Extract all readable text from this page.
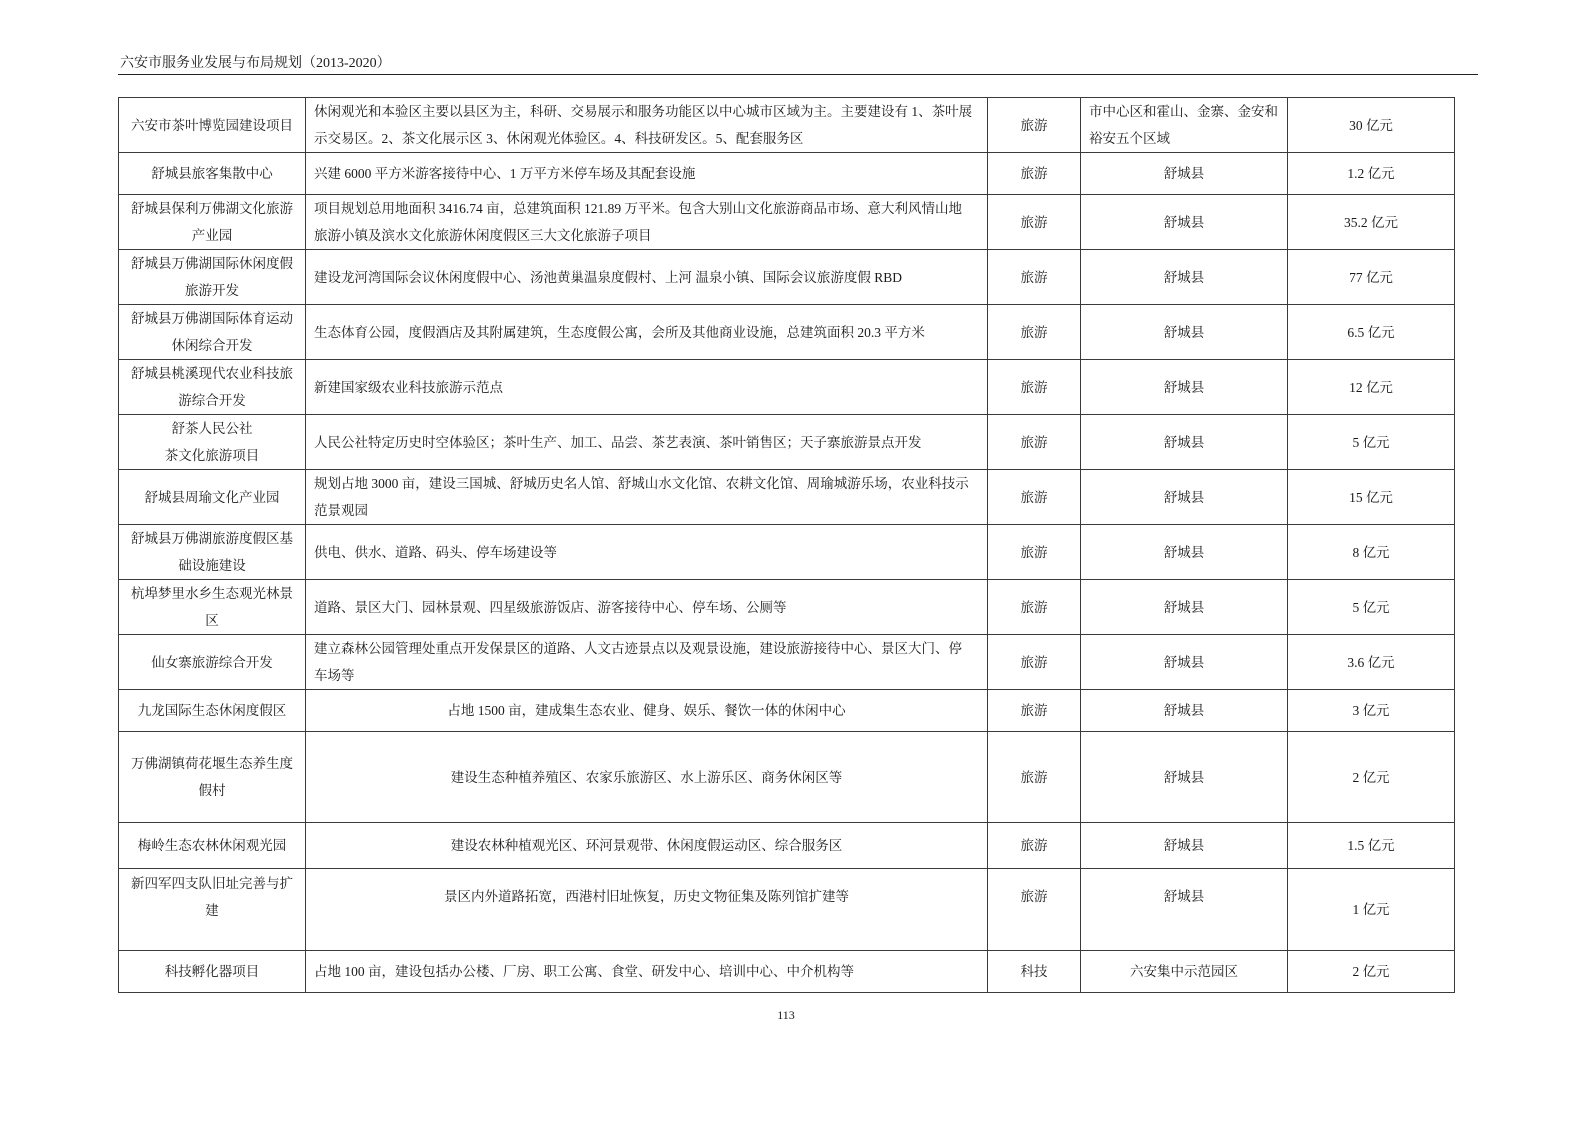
六安市服务业发展与布局规划（2013-2020）
六安市茶叶博览园建设项目	休闲观光和本验区主要以县区为主，科研、交易展示和服务功能区以中心城市区域为主。主要建设有 1、茶叶展
示交易区。2、茶文化展示区 3、休闲观光体验区。4、科技研发区。5、配套服务区	旅游	市中心区和霍山、金寨、金安和
裕安五个区域	30 亿元
舒城县旅客集散中心	兴建 6000 平方米游客接待中心、1 万平方米停车场及其配套设施	旅游	舒城县	1.2 亿元
舒城县保利万佛湖文化旅游
产业园	项目规划总用地面积 3416.74 亩，总建筑面积 121.89 万平米。包含大别山文化旅游商品市场、意大利风情山地
旅游小镇及滨水文化旅游休闲度假区三大文化旅游子项目	旅游	舒城县	35.2 亿元
舒城县万佛湖国际休闲度假
旅游开发	建设龙河湾国际会议休闲度假中心、汤池黄巢温泉度假村、上河 温泉小镇、国际会议旅游度假 RBD	旅游	舒城县	77 亿元
舒城县万佛湖国际体育运动
休闲综合开发	生态体育公园，度假酒店及其附属建筑，生态度假公寓，会所及其他商业设施，总建筑面积 20.3 平方米	旅游	舒城县	6.5 亿元
舒城县桃溪现代农业科技旅
游综合开发	新建国家级农业科技旅游示范点	旅游	舒城县	12 亿元
舒茶人民公社
茶文化旅游项目	人民公社特定历史时空体验区；茶叶生产、加工、品尝、茶艺表演、茶叶销售区；天子寨旅游景点开发	旅游	舒城县	5 亿元
舒城县周瑜文化产业园	规划占地 3000 亩，建设三国城、舒城历史名人馆、舒城山水文化馆、农耕文化馆、周瑜城游乐场，农业科技示
范景观园	旅游	舒城县	15 亿元
舒城县万佛湖旅游度假区基
础设施建设	供电、供水、道路、码头、停车场建设等	旅游	舒城县	8 亿元
杭埠梦里水乡生态观光林景
区	道路、景区大门、园林景观、四星级旅游饭店、游客接待中心、停车场、公厕等	旅游	舒城县	5 亿元
仙女寨旅游综合开发	建立森林公园管理处重点开发保景区的道路、人文古迹景点以及观景设施，建设旅游接待中心、景区大门、停
车场等	旅游	舒城县	3.6 亿元
九龙国际生态休闲度假区	占地 1500 亩，建成集生态农业、健身、娱乐、餐饮一体的休闲中心	旅游	舒城县	3 亿元
万佛湖镇荷花堰生态养生度
假村	建设生态种植养殖区、农家乐旅游区、水上游乐区、商务休闲区等	旅游	舒城县	2 亿元
梅岭生态农林休闲观光园	建设农林种植观光区、环河景观带、休闲度假运动区、综合服务区	旅游	舒城县	1.5 亿元
新四军四支队旧址完善与扩
建	景区内外道路拓宽，西港村旧址恢复，历史文物征集及陈列馆扩建等	旅游	舒城县	1 亿元
科技孵化器项目	占地 100 亩，建设包括办公楼、厂房、职工公寓、食堂、研发中心、培训中心、中介机构等	科技	六安集中示范园区	2 亿元
113
